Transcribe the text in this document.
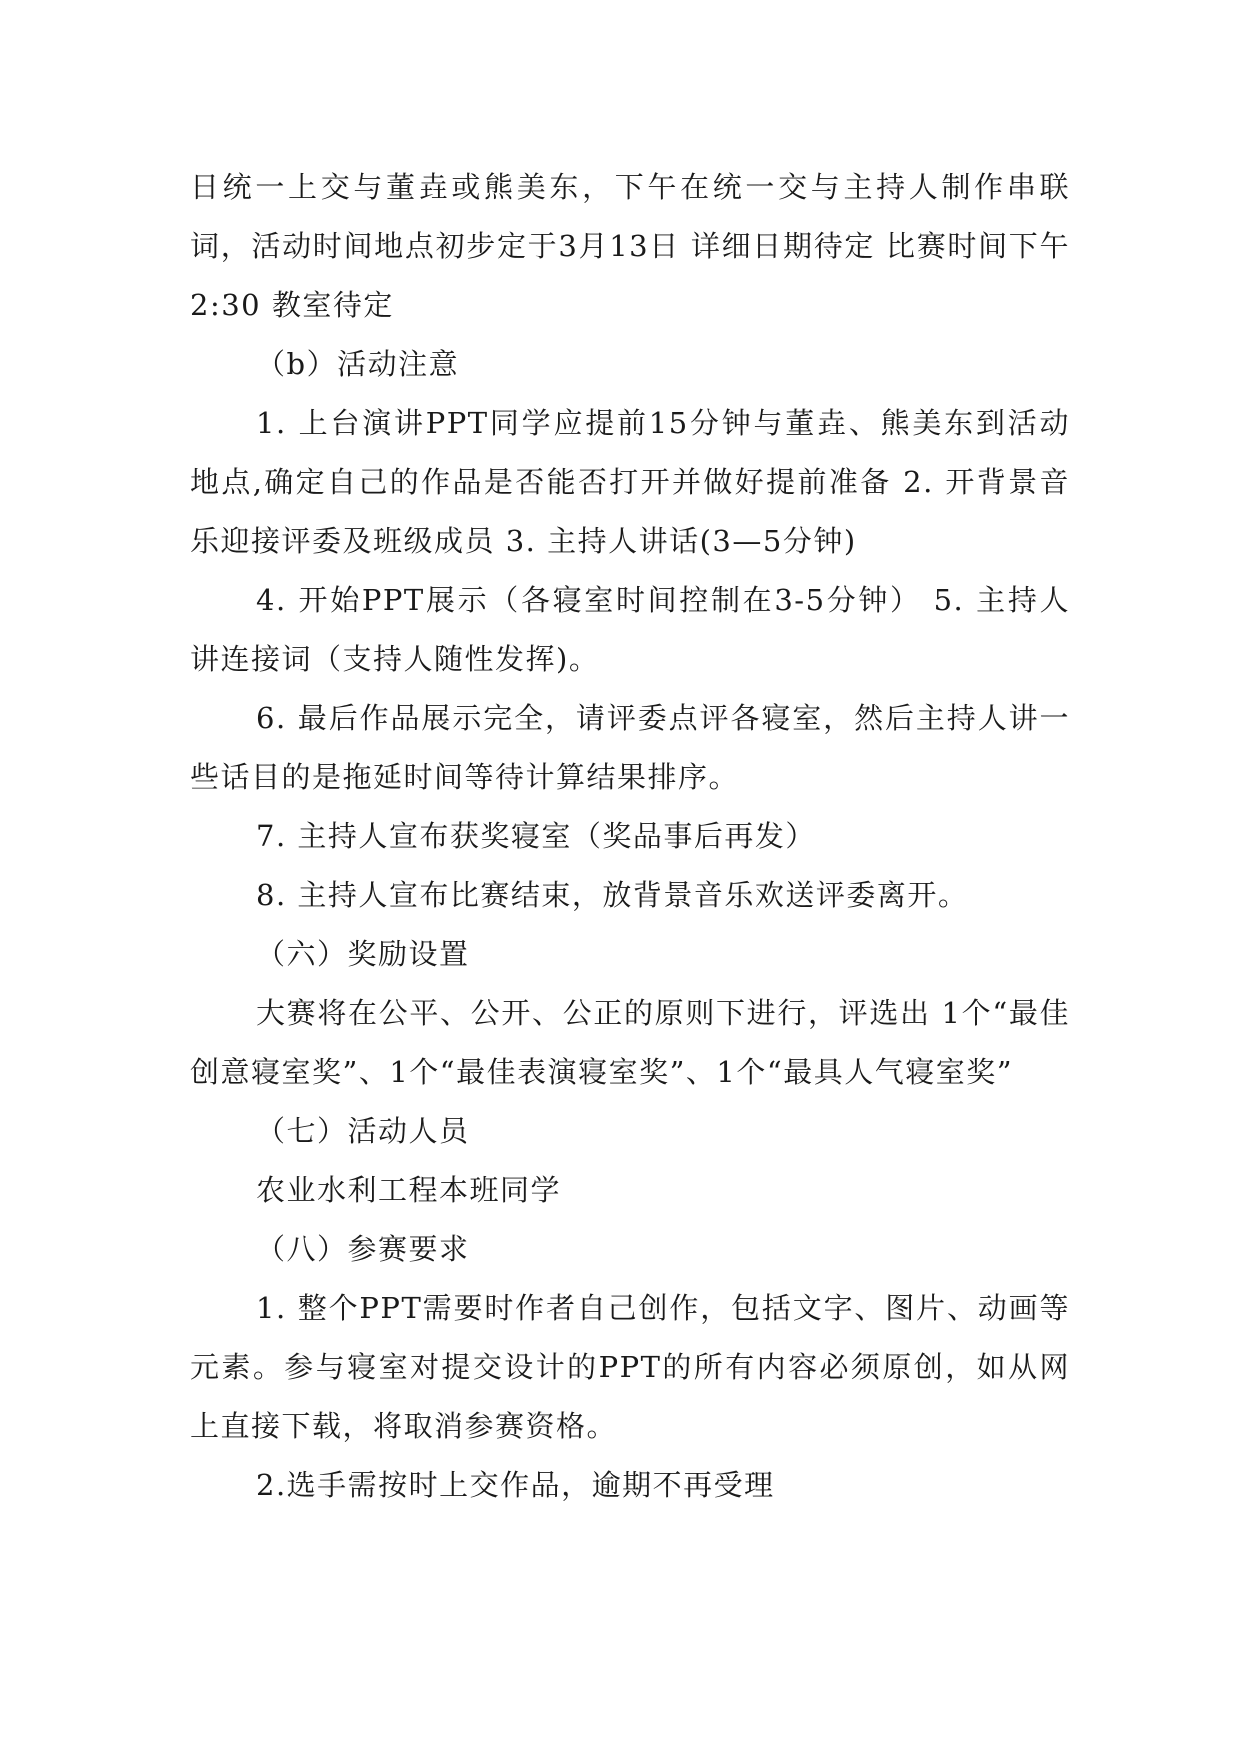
日统一上交与董垚或熊美东，下午在统一交与主持人制作串联词，活动时间地点初步定于3月13日 详细日期待定 比赛时间下午2:30 教室待定

（b）活动注意

1. 上台演讲PPT同学应提前15分钟与董垚、熊美东到活动地点,确定自己的作品是否能否打开并做好提前准备 2. 开背景音乐迎接评委及班级成员 3. 主持人讲话(3—5分钟)

4. 开始PPT展示（各寝室时间控制在3-5分钟） 5. 主持人讲连接词（支持人随性发挥)。

6. 最后作品展示完全，请评委点评各寝室，然后主持人讲一些话目的是拖延时间等待计算结果排序。

7. 主持人宣布获奖寝室（奖品事后再发）

8. 主持人宣布比赛结束，放背景音乐欢送评委离开。

（六）奖励设置

大赛将在公平、公开、公正的原则下进行，评选出 1个“最佳创意寝室奖”、1个“最佳表演寝室奖”、1个“最具人气寝室奖”

（七）活动人员

农业水利工程本班同学

（八）参赛要求

1. 整个PPT需要时作者自己创作，包括文字、图片、动画等元素。参与寝室对提交设计的PPT的所有内容必须原创，如从网上直接下载，将取消参赛资格。

2.选手需按时上交作品，逾期不再受理
